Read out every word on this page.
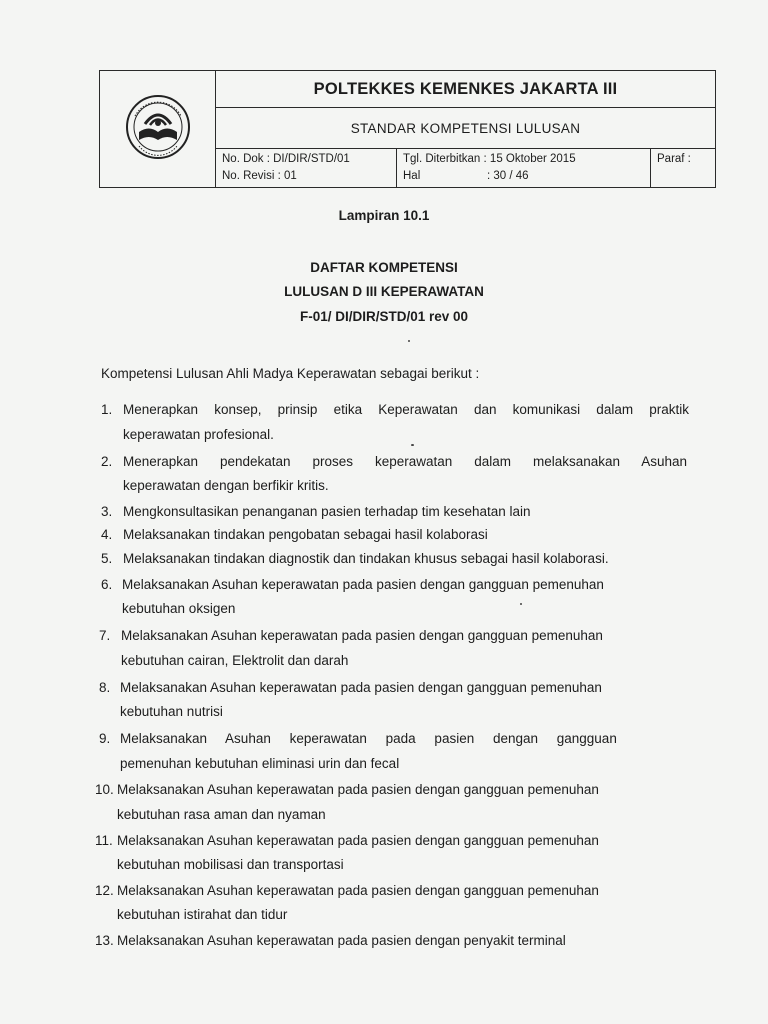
POLTEKKES KEMENKES JAKARTA III
STANDAR KOMPETENSI LULUSAN
No. Dok : DI/DIR/STD/01
No. Revisi : 01
Tgl. Diterbitkan : 15 Oktober 2015
Hal	: 30 / 46
Paraf :
Lampiran 10.1
DAFTAR KOMPETENSI
LULUSAN D III KEPERAWATAN
F-01/ DI/DIR/STD/01 rev 00
Kompetensi Lulusan Ahli Madya Keperawatan sebagai berikut :
1. Menerapkan konsep, prinsip etika Keperawatan dan komunikasi dalam praktik
keperawatan profesional.
2. Menerapkan pendekatan proses keperawatan dalam melaksanakan Asuhan
keperawatan dengan berfikir kritis.
3. Mengkonsultasikan penanganan pasien terhadap tim kesehatan lain
4. Melaksanakan tindakan pengobatan sebagai hasil kolaborasi
5. Melaksanakan tindakan diagnostik dan tindakan khusus sebagai hasil kolaborasi.
6. Melaksanakan Asuhan keperawatan pada pasien dengan gangguan pemenuhan
kebutuhan oksigen
7. Melaksanakan Asuhan keperawatan pada pasien dengan gangguan pemenuhan
kebutuhan cairan, Elektrolit dan darah
8. Melaksanakan Asuhan keperawatan pada pasien dengan gangguan pemenuhan
kebutuhan nutrisi
9. Melaksanakan Asuhan keperawatan pada pasien dengan gangguan
pemenuhan kebutuhan eliminasi urin dan fecal
10. Melaksanakan Asuhan keperawatan pada pasien dengan gangguan pemenuhan
kebutuhan rasa aman dan nyaman
11. Melaksanakan Asuhan keperawatan pada pasien dengan gangguan pemenuhan
kebutuhan mobilisasi dan transportasi
12. Melaksanakan Asuhan keperawatan pada pasien dengan gangguan pemenuhan
kebutuhan istirahat dan tidur
13. Melaksanakan Asuhan keperawatan pada pasien dengan penyakit terminal
